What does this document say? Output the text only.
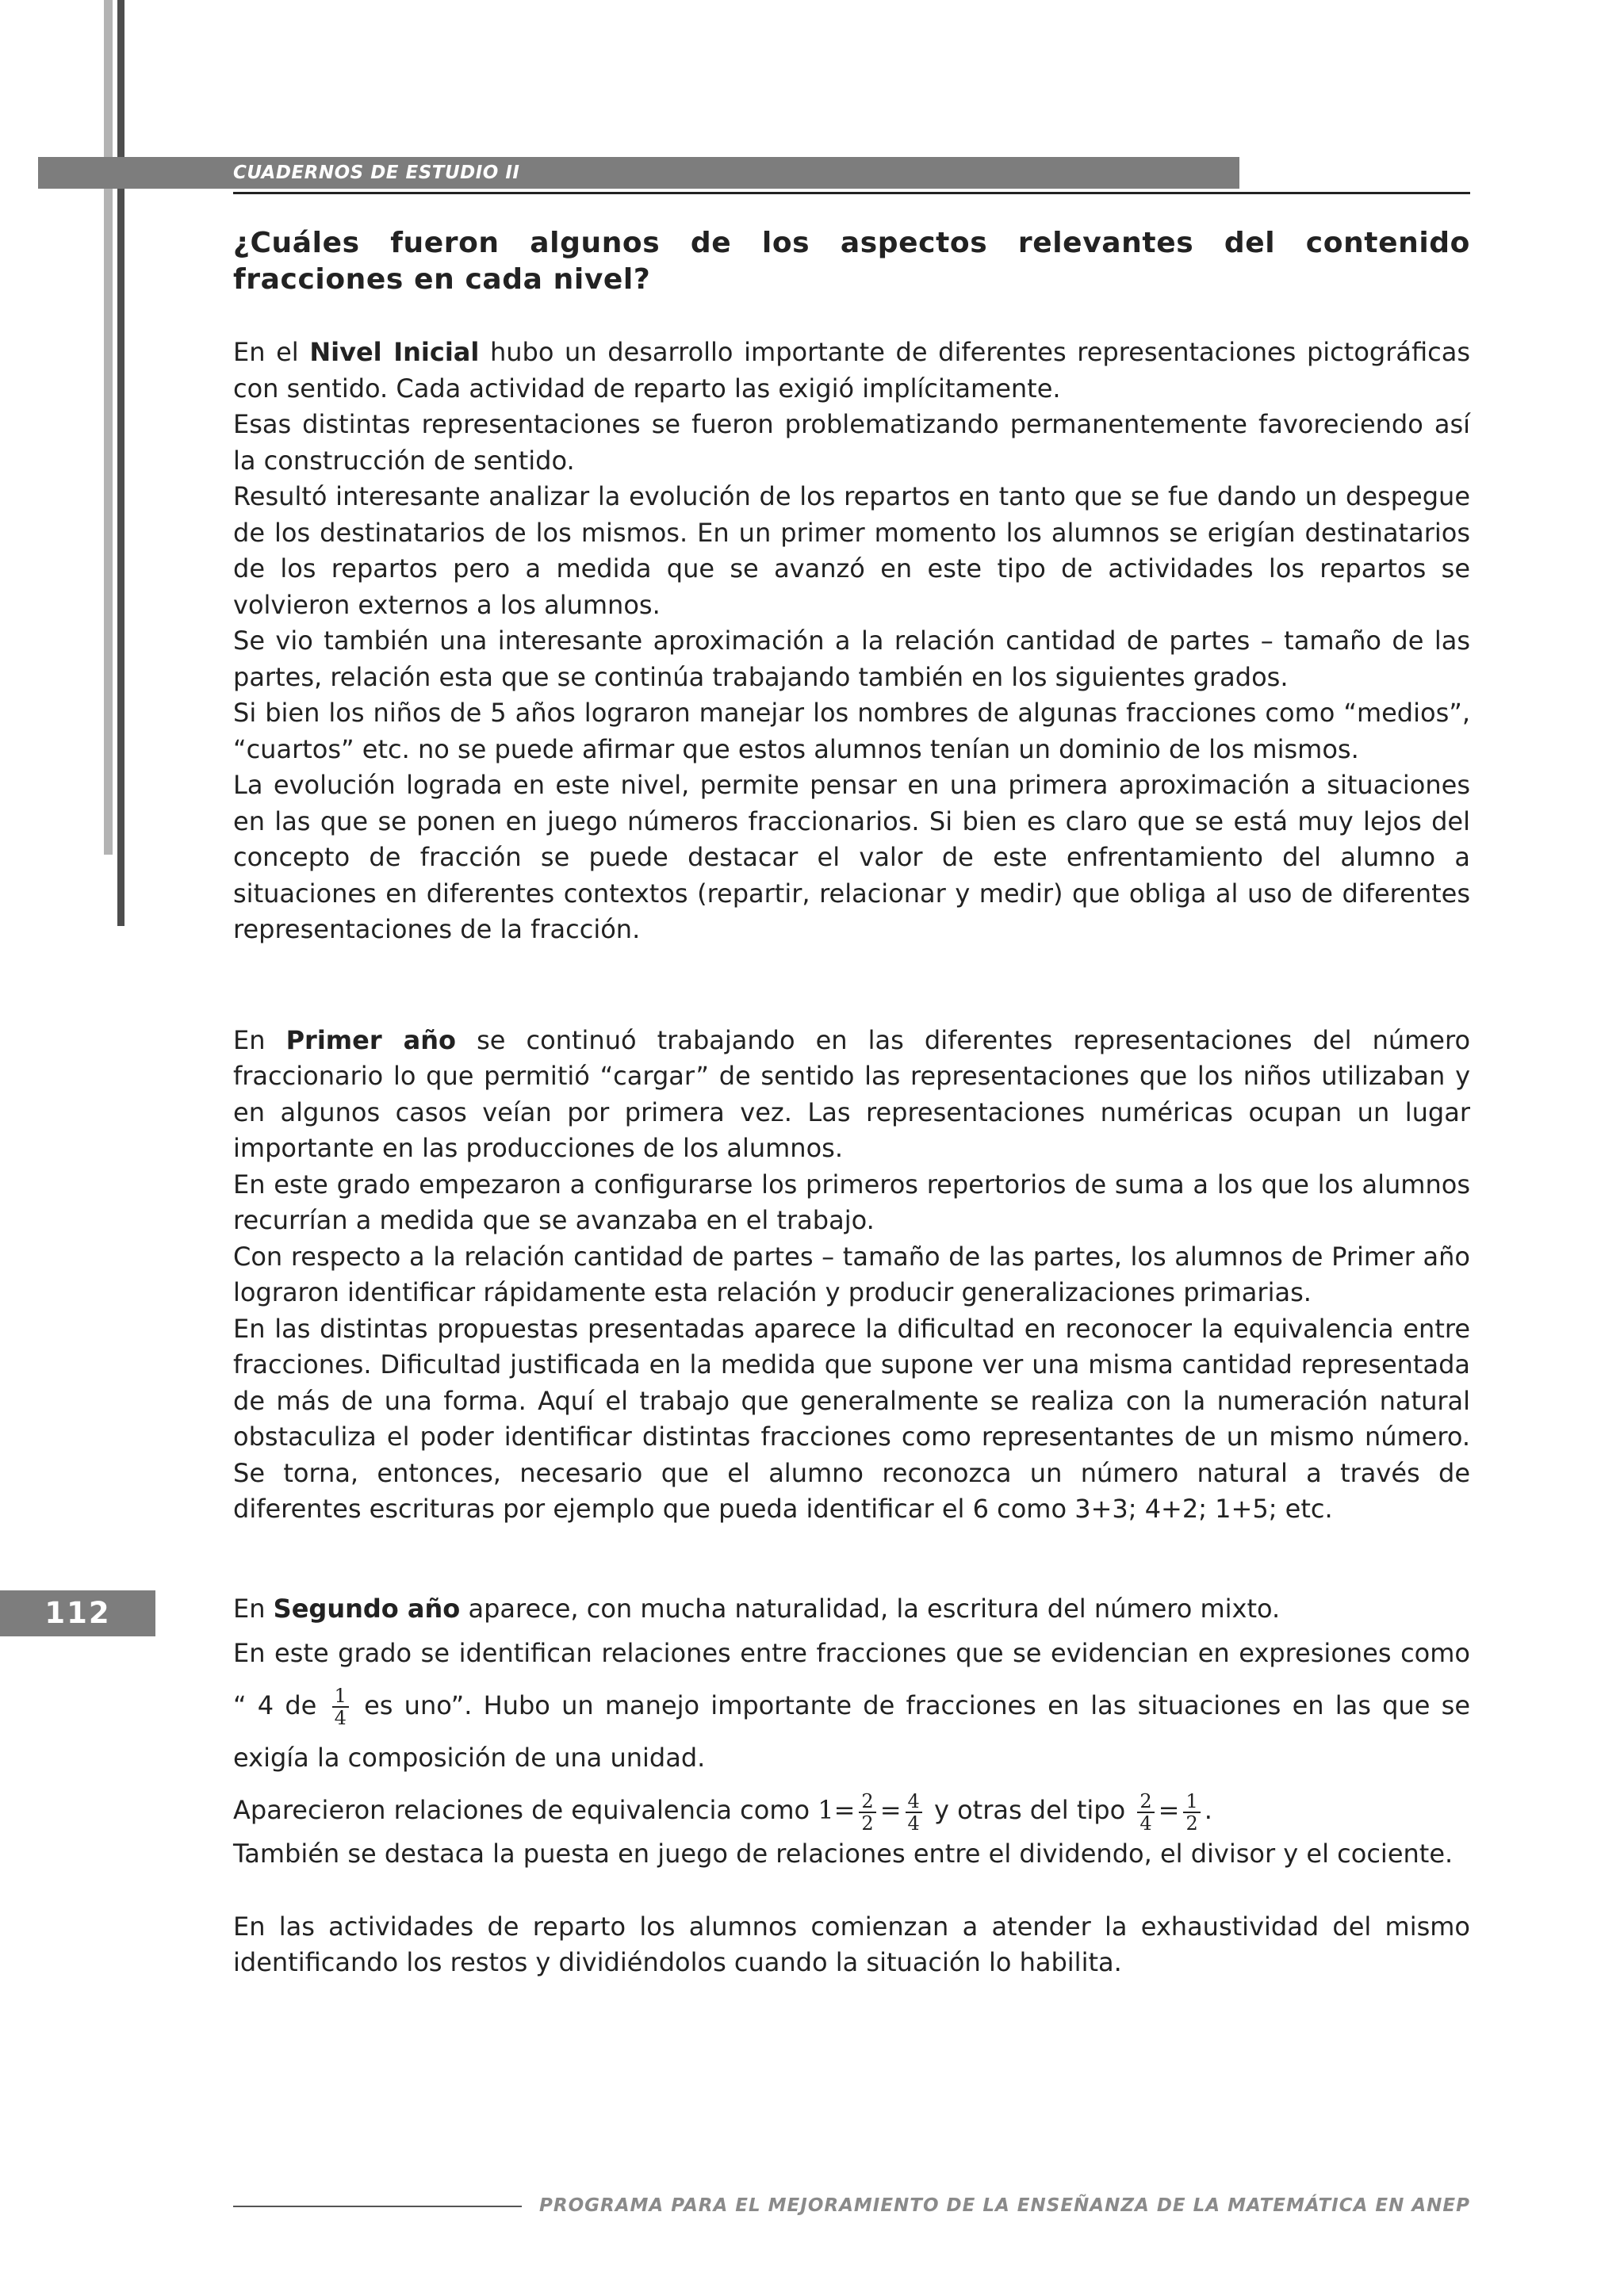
CUADERNOS DE ESTUDIO II
112
¿Cuáles fueron algunos de los aspectos relevantes del contenido fracciones en cada nivel?

En el Nivel Inicial hubo un desarrollo importante de diferentes representaciones pictográficas con sentido. Cada actividad de reparto las exigió implícitamente.

Esas distintas representaciones se fueron problematizando permanentemente favoreciendo así la construcción de sentido.

Resultó interesante analizar la evolución de los repartos en tanto que se fue dando un despegue de los destinatarios de los mismos. En un primer momento los alumnos se erigían destinatarios de los repartos pero a medida que se avanzó en este tipo de actividades los repartos se volvieron externos a los alumnos.

Se vio también una interesante aproximación a la relación cantidad de partes – tamaño de las partes, relación esta que se continúa trabajando también en los siguientes grados.

Si bien los niños de 5 años lograron manejar los nombres de algunas fracciones como “medios”, “cuartos” etc. no se puede afirmar que estos alumnos tenían un dominio de los mismos.

La evolución lograda en este nivel, permite pensar en una primera aproximación a situaciones en las que se ponen en juego números fraccionarios. Si bien es claro que se está muy lejos del concepto de fracción se puede destacar el valor de este enfrentamiento del alumno a situaciones en diferentes contextos (repartir, relacionar y medir) que obliga al uso de diferentes representaciones de la fracción.

En Primer año se continuó trabajando en las diferentes representaciones del número fraccionario lo que permitió “cargar” de sentido las representaciones que los niños utilizaban y en algunos casos veían por primera vez. Las representaciones numéricas ocupan un lugar importante en las producciones de los alumnos.

En este grado empezaron a configurarse los primeros repertorios de suma a los que los alumnos recurrían a medida que se avanzaba en el trabajo.

Con respecto a la relación cantidad de partes – tamaño de las partes, los alumnos de Primer año lograron identificar rápidamente esta relación y producir generalizaciones primarias.

En las distintas propuestas presentadas aparece la dificultad en reconocer la equivalencia entre fracciones. Dificultad justificada en la medida que supone ver una misma cantidad representada de más de una forma. Aquí el trabajo que generalmente se realiza con la numeración natural obstaculiza el poder identificar distintas fracciones como representantes de un mismo número. Se torna, entonces, necesario que el alumno reconozca un número natural a través de diferentes escrituras por ejemplo que pueda identificar el 6 como 3+3; 4+2; 1+5; etc.

En Segundo año aparece, con mucha naturalidad, la escritura del número mixto.

En este grado se identifican relaciones entre fracciones que se evidencian en expresiones como “ 4 de $\frac{1}{4}$ es uno”. Hubo un manejo importante de fracciones en las situaciones en las que se exigía la composición de una unidad.

Aparecieron relaciones de equivalencia como $1= \frac{2}{2} = \frac{4}{4}$ y otras del tipo $\frac{2}{4} = \frac{1}{2}$ .

También se destaca la puesta en juego de relaciones entre el dividendo, el divisor y el cociente.

En las actividades de reparto los alumnos comienzan a atender la exhaustividad del mismo identificando los restos y dividiéndolos cuando la situación lo habilita.

PROGRAMA PARA EL MEJORAMIENTO DE LA ENSEÑANZA DE LA MATEMÁTICA EN ANEP
